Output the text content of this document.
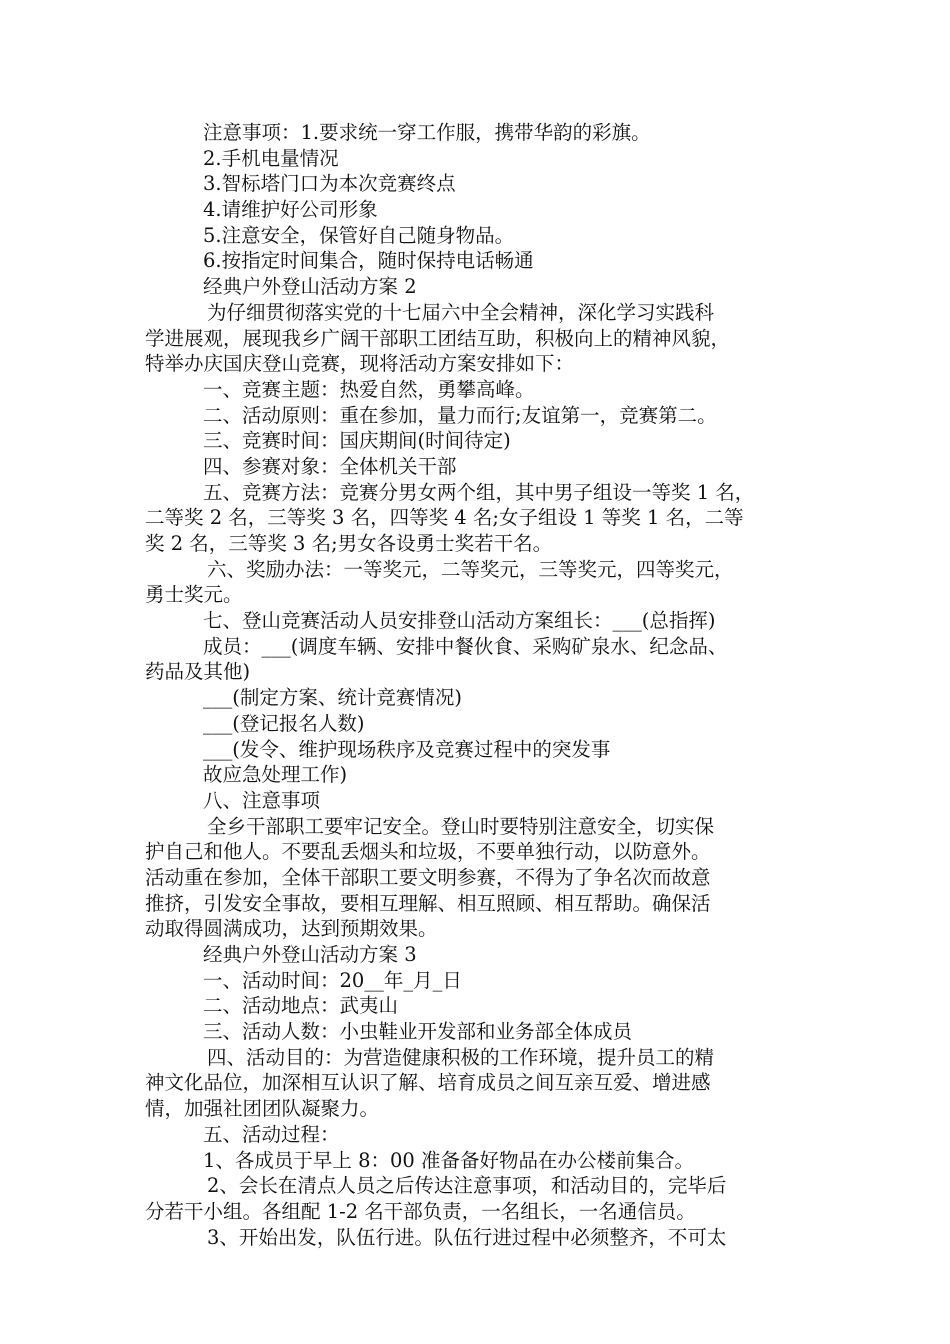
注意事项：1.要求统一穿工作服，携带华韵的彩旗。
2.手机电量情况
3.智标塔门口为本次竞赛终点
4.请维护好公司形象
5.注意安全，保管好自己随身物品。
6.按指定时间集合，随时保持电话畅通
经典户外登山活动方案 2
为仔细贯彻落实党的十七届六中全会精神，深化学习实践科
学进展观，展现我乡广阔干部职工团结互助，积极向上的精神风貌，
特举办庆国庆登山竞赛，现将活动方案安排如下：
一、竞赛主题：热爱自然，勇攀高峰。
二、活动原则：重在参加，量力而行;友谊第一，竞赛第二。
三、竞赛时间：国庆期间(时间待定)
四、参赛对象：全体机关干部
五、竞赛方法：竞赛分男女两个组，其中男子组设一等奖 1 名，
二等奖 2 名，三等奖 3 名，四等奖 4 名;女子组设 1 等奖 1 名，二等
奖 2 名，三等奖 3 名;男女各设勇士奖若干名。
六、奖励办法：一等奖元，二等奖元，三等奖元，四等奖元，
勇士奖元。
七、登山竞赛活动人员安排登山活动方案组长：___(总指挥)
成员：___(调度车辆、安排中餐伙食、采购矿泉水、纪念品、
药品及其他)
___(制定方案、统计竞赛情况)
___(登记报名人数)
___(发令、维护现场秩序及竞赛过程中的突发事
故应急处理工作)
八、注意事项
全乡干部职工要牢记安全。登山时要特别注意安全，切实保
护自己和他人。不要乱丢烟头和垃圾，不要单独行动，以防意外。
活动重在参加，全体干部职工要文明参赛，不得为了争名次而故意
推挤，引发安全事故，要相互理解、相互照顾、相互帮助。确保活
动取得圆满成功，达到预期效果。
经典户外登山活动方案 3
一、活动时间：20__年_月_日
二、活动地点：武夷山
三、活动人数：小虫鞋业开发部和业务部全体成员
四、活动目的：为营造健康积极的工作环境，提升员工的精
神文化品位，加深相互认识了解、培育成员之间互亲互爱、增进感
情，加强社团团队凝聚力。
五、活动过程：
1、各成员于早上 8：00 准备备好物品在办公楼前集合。
2、会长在清点人员之后传达注意事项，和活动目的，完毕后
分若干小组。各组配 1-2 名干部负责，一名组长，一名通信员。
3、开始出发，队伍行进。队伍行进过程中必须整齐，不可太
